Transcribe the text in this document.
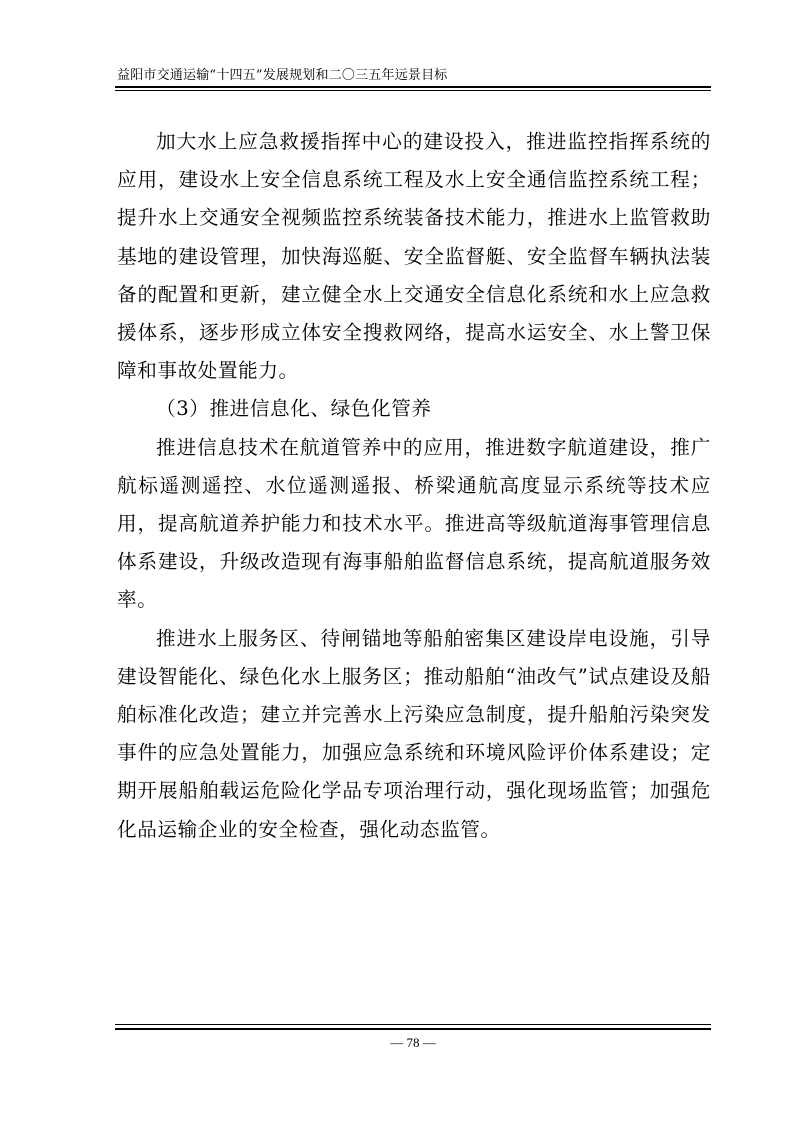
益阳市交通运输“十四五”发展规划和二〇三五年远景目标

加大水上应急救援指挥中心的建设投入，推进监控指挥系统的应用，建设水上安全信息系统工程及水上安全通信监控系统工程；提升水上交通安全视频监控系统装备技术能力，推进水上监管救助基地的建设管理，加快海巡艇、安全监督艇、安全监督车辆执法装备的配置和更新，建立健全水上交通安全信息化系统和水上应急救援体系，逐步形成立体安全搜救网络，提高水运安全、水上警卫保障和事故处置能力。

（3）推进信息化、绿色化管养

推进信息技术在航道管养中的应用，推进数字航道建设，推广航标遥测遥控、水位遥测遥报、桥梁通航高度显示系统等技术应用，提高航道养护能力和技术水平。推进高等级航道海事管理信息体系建设，升级改造现有海事船舶监督信息系统，提高航道服务效率。

推进水上服务区、待闸锚地等船舶密集区建设岸电设施，引导建设智能化、绿色化水上服务区；推动船舶“油改气”试点建设及船舶标准化改造；建立并完善水上污染应急制度，提升船舶污染突发事件的应急处置能力，加强应急系统和环境风险评价体系建设；定期开展船舶载运危险化学品专项治理行动，强化现场监管；加强危化品运输企业的安全检查，强化动态监管。

— 78 —
